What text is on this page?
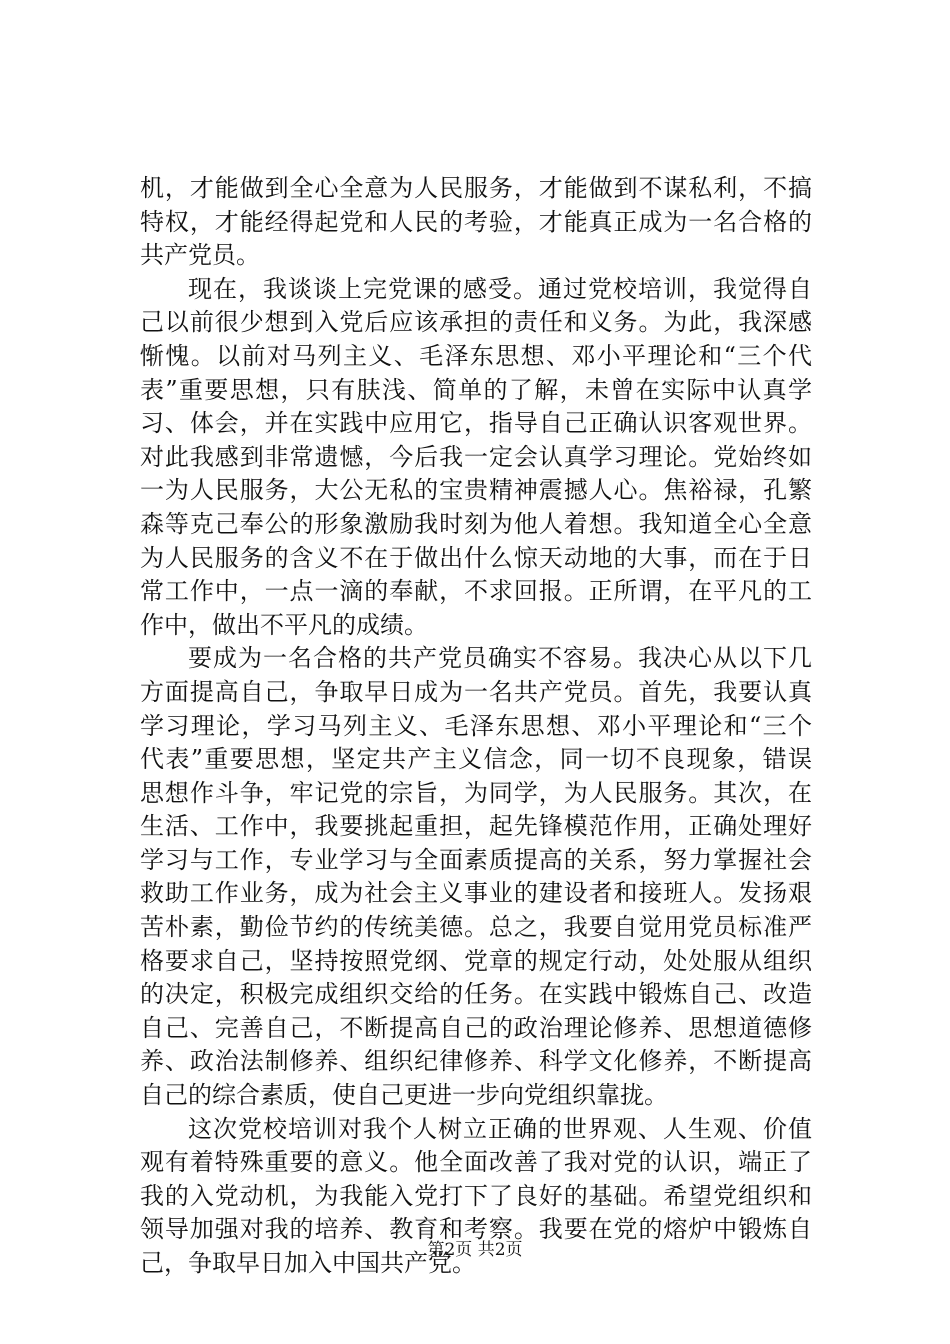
机，才能做到全心全意为人民服务，才能做到不谋私利，不搞
特权，才能经得起党和人民的考验，才能真正成为一名合格的
共产党员。
现在，我谈谈上完党课的感受。通过党校培训，我觉得自
己以前很少想到入党后应该承担的责任和义务。为此，我深感
惭愧。以前对马列主义、毛泽东思想、邓小平理论和“三个代
表”重要思想，只有肤浅、简单的了解，未曾在实际中认真学
习、体会，并在实践中应用它，指导自己正确认识客观世界。
对此我感到非常遗憾，今后我一定会认真学习理论。党始终如
一为人民服务，大公无私的宝贵精神震撼人心。焦裕禄，孔繁
森等克己奉公的形象激励我时刻为他人着想。我知道全心全意
为人民服务的含义不在于做出什么惊天动地的大事，而在于日
常工作中，一点一滴的奉献，不求回报。正所谓，在平凡的工
作中，做出不平凡的成绩。
要成为一名合格的共产党员确实不容易。我决心从以下几
方面提高自己，争取早日成为一名共产党员。首先，我要认真
学习理论，学习马列主义、毛泽东思想、邓小平理论和“三个
代表”重要思想，坚定共产主义信念，同一切不良现象，错误
思想作斗争，牢记党的宗旨，为同学，为人民服务。其次，在
生活、工作中，我要挑起重担，起先锋模范作用，正确处理好
学习与工作，专业学习与全面素质提高的关系，努力掌握社会
救助工作业务，成为社会主义事业的建设者和接班人。发扬艰
苦朴素，勤俭节约的传统美德。总之，我要自觉用党员标准严
格要求自己，坚持按照党纲、党章的规定行动，处处服从组织
的决定，积极完成组织交给的任务。在实践中锻炼自己、改造
自己、完善自己，不断提高自己的政治理论修养、思想道德修
养、政治法制修养、组织纪律修养、科学文化修养，不断提高
自己的综合素质，使自己更进一步向党组织靠拢。
这次党校培训对我个人树立正确的世界观、人生观、价值
观有着特殊重要的意义。他全面改善了我对党的认识，端正了
我的入党动机，为我能入党打下了良好的基础。希望党组织和
领导加强对我的培养、教育和考察。我要在党的熔炉中锻炼自
己，争取早日加入中国共产党。
第2页 共2页
